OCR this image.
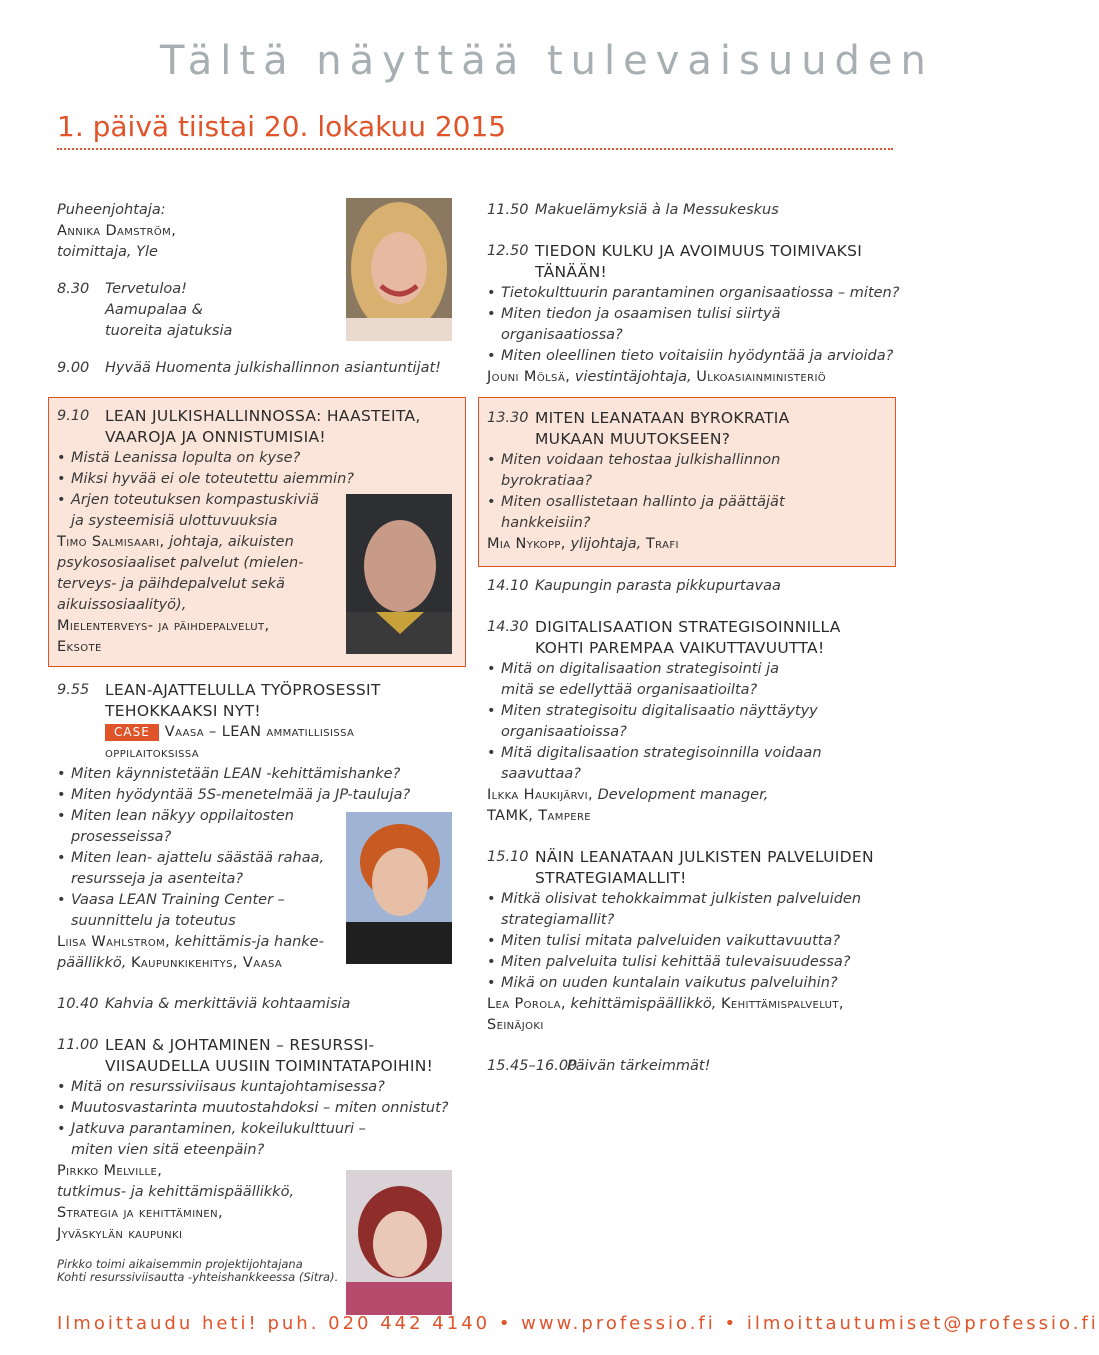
Tältä näyttää tulevaisuuden
1. päivä tiistai 20. lokakuu 2015
Puheenjohtaja:
Annika Damström,
toimittaja, Yle
8.30 Tervetuloa!
Aamupalaa &
tuoreita ajatuksia
9.00 Hyvää Huomenta julkishallinnon asiantuntijat!
9.10 LEAN JULKISHALLINNOSSA: HAASTEITA,
VAAROJA JA ONNISTUMISIA!
• Mistä Leanissa lopulta on kyse?
• Miksi hyvää ei ole toteutettu aiemmin?
• Arjen toteutuksen kompastuskiviä
ja systeemisiä ulottuvuuksia
Timo Salmisaari, johtaja, aikuisten
psykososiaaliset palvelut (mielen-
terveys- ja päihdepalvelut sekä
aikuissosiaalityö),
Mielenterveys- ja päihdepalvelut,
Eksote
9.55 LEAN-AJATTELULLA TYÖPROSESSIT
TEHOKKAAKSI NYT!
CASE Vaasa – LEAN ammatillisissa
oppilaitoksissa
• Miten käynnistetään LEAN -kehittämishanke?
• Miten hyödyntää 5S-menetelmää ja JP-tauluja?
• Miten lean näkyy oppilaitosten
prosesseissa?
• Miten lean- ajattelu säästää rahaa,
resursseja ja asenteita?
• Vaasa LEAN Training Center –
suunnittelu ja toteutus
Liisa Wahlstrom, kehittämis-ja hanke-
päällikkö, Kaupunkikehitys, Vaasa
10.40 Kahvia & merkittäviä kohtaamisia
11.00 LEAN & JOHTAMINEN – RESURSSI-
VIISAUDELLA UUSIIN TOIMINTATAPOIHIN!
• Mitä on resurssiviisaus kuntajohtamisessa?
• Muutosvastarinta muutostahdoksi – miten onnistut?
• Jatkuva parantaminen, kokeilukulttuuri –
miten vien sitä eteenpäin?
Pirkko Melville,
tutkimus- ja kehittämispäällikkö,
Strategia ja kehittäminen,
Jyväskylän kaupunki
Pirkko toimi aikaisemmin projektijohtajana
Kohti resurssiviisautta -yhteishankkeessa (Sitra).
11.50 Makuelämyksiä à la Messukeskus
12.50 TIEDON KULKU JA AVOIMUUS TOIMIVAKSI
TÄNÄÄN!
• Tietokulttuurin parantaminen organisaatiossa – miten?
• Miten tiedon ja osaamisen tulisi siirtyä
organisaatiossa?
• Miten oleellinen tieto voitaisiin hyödyntää ja arvioida?
Jouni Mölsä, viestintäjohtaja, Ulkoasiainministeriö
13.30 MITEN LEANATAAN BYROKRATIA
MUKAAN MUUTOKSEEN?
• Miten voidaan tehostaa julkishallinnon
byrokratiaa?
• Miten osallistetaan hallinto ja päättäjät
hankkeisiin?
Mia Nykopp, ylijohtaja, Trafi
14.10 Kaupungin parasta pikkupurtavaa
14.30 DIGITALISAATION STRATEGISOINNILLA
KOHTI PAREMPAA VAIKUTTAVUUTTA!
• Mitä on digitalisaation strategisointi ja
mitä se edellyttää organisaatioilta?
• Miten strategisoitu digitalisaatio näyttäytyy
organisaatioissa?
• Mitä digitalisaation strategisoinnilla voidaan
saavuttaa?
Ilkka Haukijärvi, Development manager,
TAMK, Tampere
15.10 NÄIN LEANATAAN JULKISTEN PALVELUIDEN
STRATEGIAMALLIT!
• Mitkä olisivat tehokkaimmat julkisten palveluiden
strategiamallit?
• Miten tulisi mitata palveluiden vaikuttavuutta?
• Miten palveluita tulisi kehittää tulevaisuudessa?
• Mikä on uuden kuntalain vaikutus palveluihin?
Lea Porola, kehittämispäällikkö, Kehittämispalvelut,
Seinäjoki
15.45–16.00
Päivän tärkeimmät!
Ilmoittaudu heti! puh. 020 442 4140 • www.professio.fi • ilmoittautumiset@professio.fi
